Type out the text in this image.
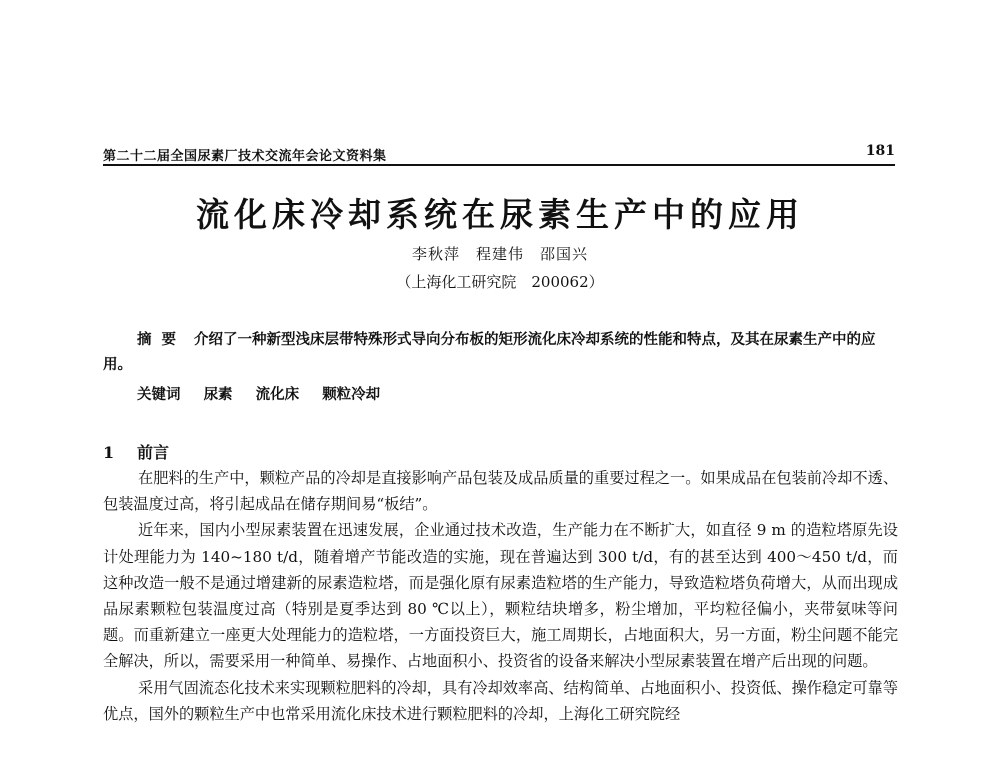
第二十二届全国尿素厂技术交流年会论文资料集	181
流化床冷却系统在尿素生产中的应用
李秋萍　程建伟　邵国兴
（上海化工研究院　200062）

摘要 介绍了一种新型浅床层带特殊形式导向分布板的矩形流化床冷却系统的性能和特点，及其在尿素生产中的应用。

关键词 尿素 流化床 颗粒冷却
1 前言

在肥料的生产中，颗粒产品的冷却是直接影响产品包装及成品质量的重要过程之一。如果成品在包装前冷却不透、包装温度过高，将引起成品在储存期间易“板结”。

近年来，国内小型尿素装置在迅速发展，企业通过技术改造，生产能力在不断扩大，如直径 9 m 的造粒塔原先设计处理能力为 140~180 t/d，随着增产节能改造的实施，现在普遍达到 300 t/d，有的甚至达到 400～450 t/d，而这种改造一般不是通过增建新的尿素造粒塔，而是强化原有尿素造粒塔的生产能力，导致造粒塔负荷增大，从而出现成品尿素颗粒包装温度过高（特别是夏季达到 80 ℃以上），颗粒结块增多，粉尘增加，平均粒径偏小，夹带氨味等问题。而重新建立一座更大处理能力的造粒塔，一方面投资巨大，施工周期长，占地面积大，另一方面，粉尘问题不能完全解决，所以，需要采用一种简单、易操作、占地面积小、投资省的设备来解决小型尿素装置在增产后出现的问题。

采用气固流态化技术来实现颗粒肥料的冷却，具有冷却效率高、结构简单、占地面积小、投资低、操作稳定可靠等优点，国外的颗粒生产中也常采用流化床技术进行颗粒肥料的冷却，上海化工研究院经
